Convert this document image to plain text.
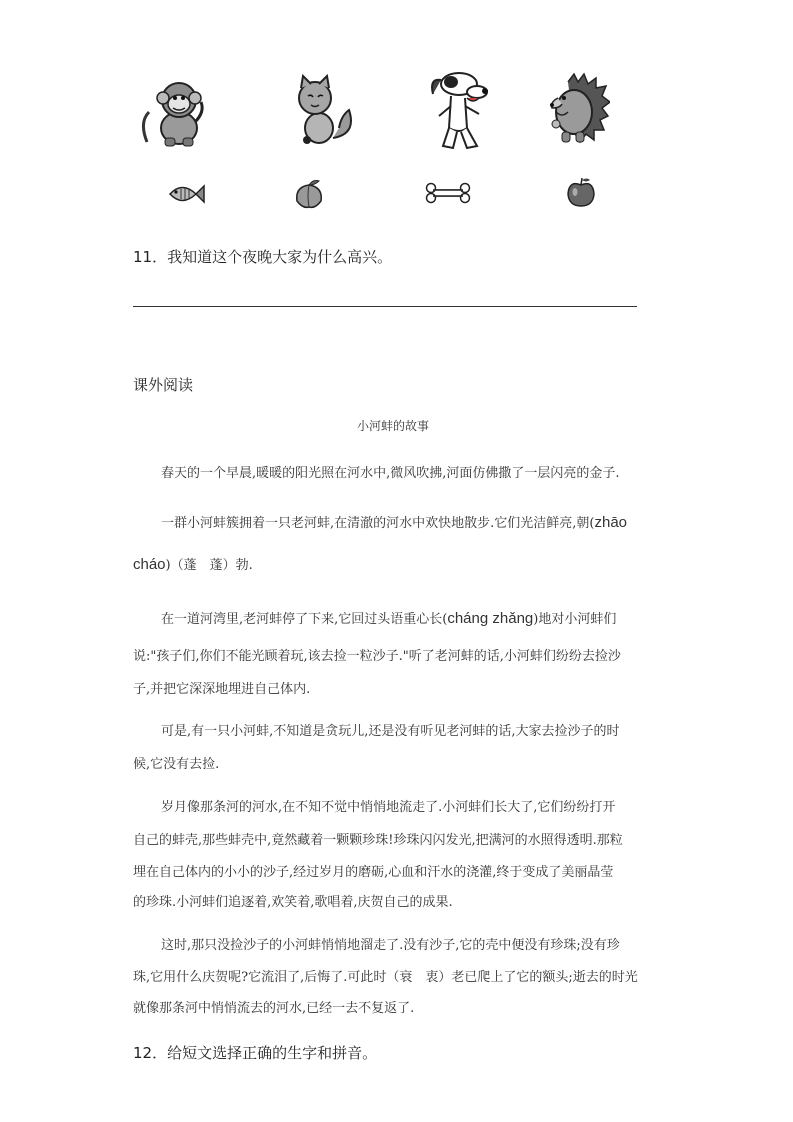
11．我知道这个夜晚大家为什么高兴。
课外阅读
小河蚌的故事
春天的一个早晨,暖暖的阳光照在河水中,微风吹拂,河面仿佛撒了一层闪亮的金子.
一群小河蚌簇拥着一只老河蚌,在清澈的河水中欢快地散步.它们光洁鲜亮,朝(zhāo
cháo)（蓬　蓬）勃.
在一道河湾里,老河蚌停了下来,它回过头语重心长(cháng zhǎng)地对小河蚌们
说:"孩子们,你们不能光顾着玩,该去捡一粒沙子."听了老河蚌的话,小河蚌们纷纷去捡沙
子,并把它深深地埋进自己体内.
可是,有一只小河蚌,不知道是贪玩儿,还是没有听见老河蚌的话,大家去捡沙子的时
候,它没有去捡.
岁月像那条河的河水,在不知不觉中悄悄地流走了.小河蚌们长大了,它们纷纷打开
自己的蚌壳,那些蚌壳中,竟然藏着一颗颗珍珠!珍珠闪闪发光,把满河的水照得透明.那粒
埋在自己体内的小小的沙子,经过岁月的磨砺,心血和汗水的浇灌,终于变成了美丽晶莹
的珍珠.小河蚌们追逐着,欢笑着,歌唱着,庆贺自己的成果.
这时,那只没捡沙子的小河蚌悄悄地溜走了.没有沙子,它的壳中便没有珍珠;没有珍
珠,它用什么庆贺呢?它流泪了,后悔了.可此时（衰　衷）老已爬上了它的额头;逝去的时光
就像那条河中悄悄流去的河水,已经一去不复返了.
12．给短文选择正确的生字和拼音。
